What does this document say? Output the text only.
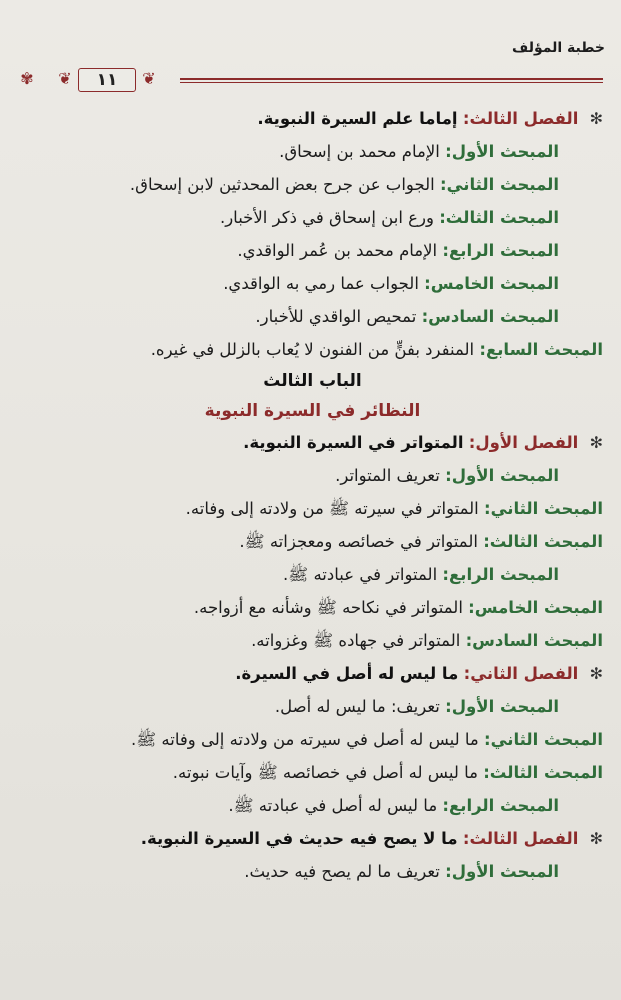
خطبة المؤلف
❦	١١	❦
✾
✻ الفصل الثالث: إماما علم السيرة النبوية.
المبحث الأول: الإمام محمد بن إسحاق.
المبحث الثاني: الجواب عن جرح بعض المحدثين لابن إسحاق.
المبحث الثالث: ورع ابن إسحاق في ذكر الأخبار.
المبحث الرابع: الإمام محمد بن عُمر الواقدي.
المبحث الخامس: الجواب عما رمي به الواقدي.
المبحث السادس: تمحيص الواقدي للأخبار.
المبحث السابع: المنفرد بفنٍّ من الفنون لا يُعاب بالزلل في غيره.
الباب الثالث
النظائر في السيرة النبوية
✻ الفصل الأول: المتواتر في السيرة النبوية.
المبحث الأول: تعريف المتواتر.
المبحث الثاني: المتواتر في سيرته ﷺ من ولادته إلى وفاته.
المبحث الثالث: المتواتر في خصائصه ومعجزاته ﷺ.
المبحث الرابع: المتواتر في عبادته ﷺ.
المبحث الخامس: المتواتر في نكاحه ﷺ وشأنه مع أزواجه.
المبحث السادس: المتواتر في جهاده ﷺ وغزواته.
✻ الفصل الثاني: ما ليس له أصل في السيرة.
المبحث الأول: تعريف: ما ليس له أصل.
المبحث الثاني: ما ليس له أصل في سيرته من ولادته إلى وفاته ﷺ.
المبحث الثالث: ما ليس له أصل في خصائصه ﷺ وآيات نبوته.
المبحث الرابع: ما ليس له أصل في عبادته ﷺ.
✻ الفصل الثالث: ما لا يصح فيه حديث في السيرة النبوية.
المبحث الأول: تعريف ما لم يصح فيه حديث.
